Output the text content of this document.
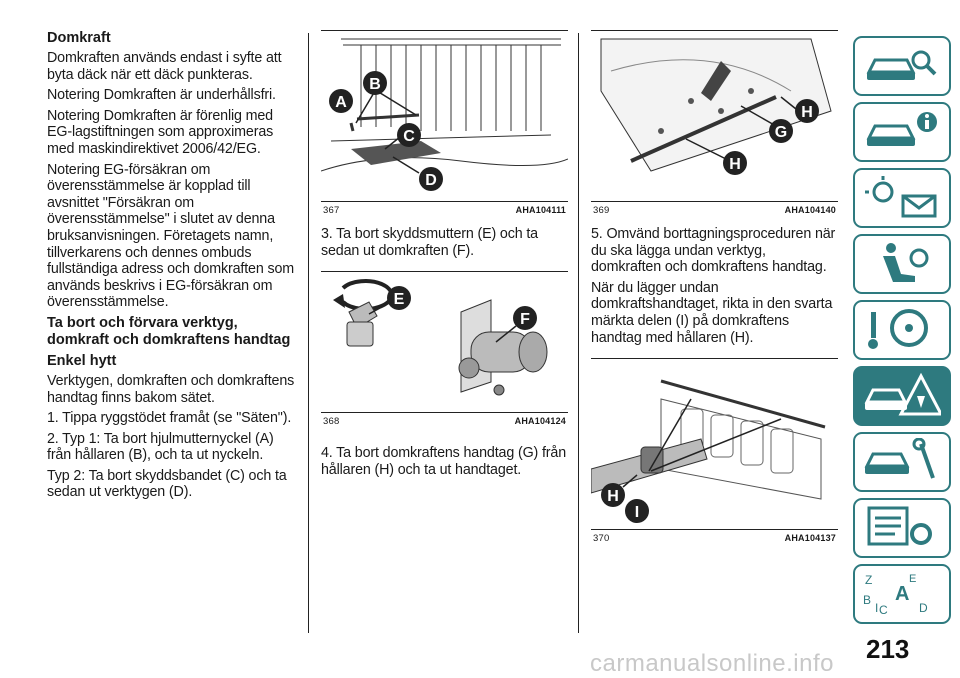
Domkraft

Domkraften används endast i syfte att byta däck när ett däck punkteras.

Notering Domkraften är underhållsfri.

Notering Domkraften är förenlig med EG-lagstiftningen som approximeras med maskindirektivet 2006/42/EG.

Notering EG-försäkran om överensstämmelse är kopplad till avsnittet "Försäkran om överensstämmelse" i slutet av denna bruksanvisningen. Företagets namn, tillverkarens och dennes ombuds fullständiga adress och domkraften som används beskrivs i EG-försäkran om överensstämmelse.

Ta bort och förvara verktyg, domkraft och domkraftens handtag
Enkel hytt

Verktygen, domkraften och domkraftens handtag finns bakom sätet.

1. Tippa ryggstödet framåt (se "Säten").

2. Typ 1: Ta bort hjulmutternyckel (A) från hållaren (B), och ta ut nyckeln.

Typ 2: Ta bort skyddsbandet (C) och ta sedan ut verktygen (D).

A
B
C
D
367	AHA104111

3. Ta bort skyddsmuttern (E) och ta sedan ut domkraften (F).

E
F
368	AHA104124

4. Ta bort domkraftens handtag (G) från hållaren (H) och ta ut handtaget.

H
G
H
369	AHA104140

5. Omvänd borttagningsproceduren när du ska lägga undan verktyg, domkraften och domkraftens handtag.

När du lägger undan domkraftshandtaget, rikta in den svarta märkta delen (I) på domkraftens handtag med hållaren (H).

H
I
370	AHA104137
Z	E
A
B
C	D
I
213
carmanualsonline.info
